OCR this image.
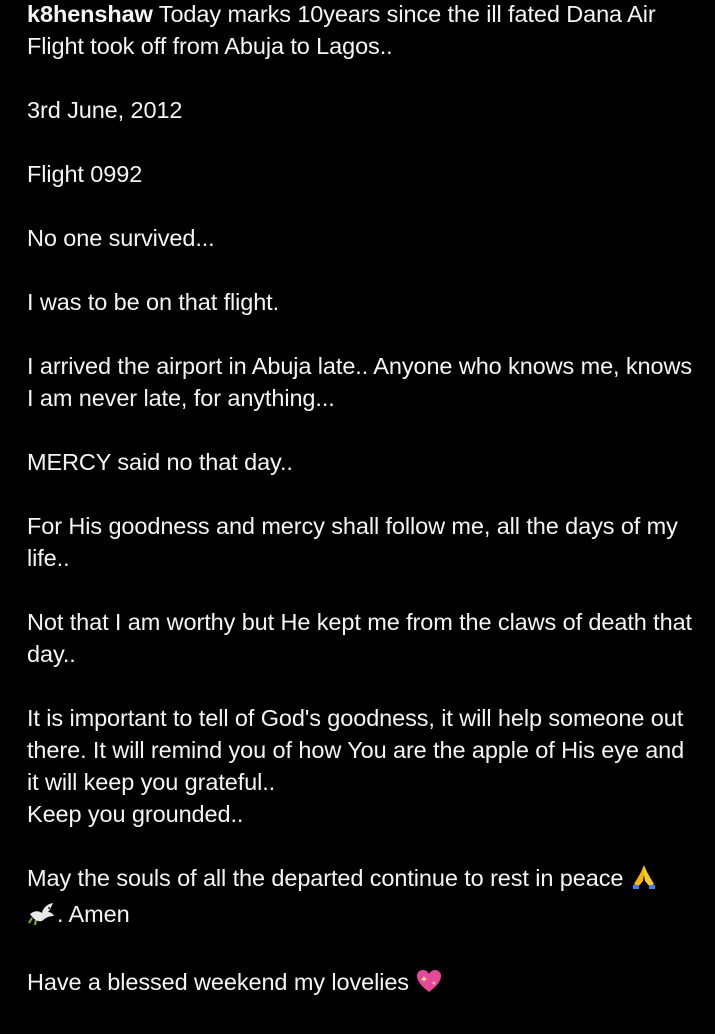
k8henshaw Today marks 10years since the ill fated Dana Air Flight took off from Abuja to Lagos..

3rd June, 2012

Flight 0992

No one survived...

I was to be on that flight.

I arrived the airport in Abuja late.. Anyone who knows me, knows I am never late, for anything...

MERCY said no that day..

For His goodness and mercy shall follow me, all the days of my life..

Not that I am worthy but He kept me from the claws of death that day..

It is important to tell of God's goodness, it will help someone out there. It will remind you of how You are the apple of His eye and it will keep you grateful..

Keep you grounded..

May the souls of all the departed continue to rest in peace
. Amen

Have a blessed weekend my lovelies
